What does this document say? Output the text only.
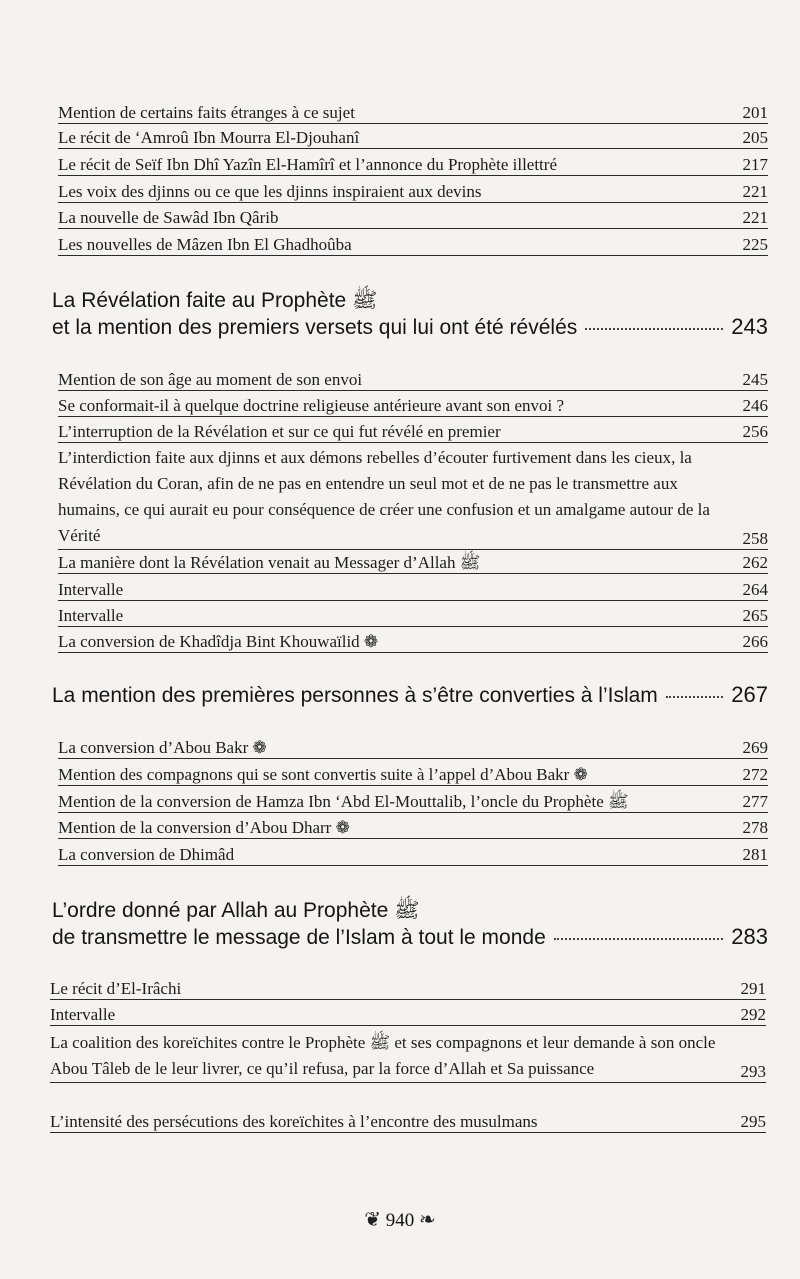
Mention de certains faits étranges à ce sujet	201
Le récit de ‘Amroû Ibn Mourra El-Djouhanî	205
Le récit de Seïf Ibn Dhî Yazîn El-Hamîrî et l’annonce du Prophète illettré	217
Les voix des djinns ou ce que les djinns inspiraient aux devins	221
La nouvelle de Sawâd Ibn Qârib	221
Les nouvelles de Mâzen Ibn El Ghadhoûba	225
La Révélation faite au Prophète ﷺ
et la mention des premiers versets qui lui ont été révélés	243
Mention de son âge au moment de son envoi	245
Se conformait-il à quelque doctrine religieuse antérieure avant son envoi ?	246
L’interruption de la Révélation et sur ce qui fut révélé en premier	256
L’interdiction faite aux djinns et aux démons rebelles d’écouter furtivement dans les cieux, la Révélation du Coran, afin de ne pas en entendre un seul mot et de ne pas le transmettre aux humains, ce qui aurait eu pour conséquence de créer une confusion et un amalgame autour de la Vérité	258
La manière dont la Révélation venait au Messager d’Allah ﷺ	262
Intervalle	264
Intervalle	265
La conversion de Khadîdja Bint Khouwaïlid ❁	266
La mention des premières personnes à s’être converties à l’Islam	267
La conversion d’Abou Bakr ❁	269
Mention des compagnons qui se sont convertis suite à l’appel d’Abou Bakr ❁	272
Mention de la conversion de Hamza Ibn ‘Abd El-Mouttalib, l’oncle du Prophète ﷺ	277
Mention de la conversion d’Abou Dharr ❁	278
La conversion de Dhimâd	281
L’ordre donné par Allah au Prophète ﷺ
de transmettre le message de l’Islam à tout le monde	283
Le récit d’El-Irâchi	291
Intervalle	292
La coalition des koreïchites contre le Prophète ﷺ et ses compagnons et leur demande à son oncle Abou Tâleb de le leur livrer, ce qu’il refusa, par la force d’Allah et Sa puissance	293
L’intensité des persécutions des koreïchites à l’encontre des musulmans	295
❦ 940 ❧
